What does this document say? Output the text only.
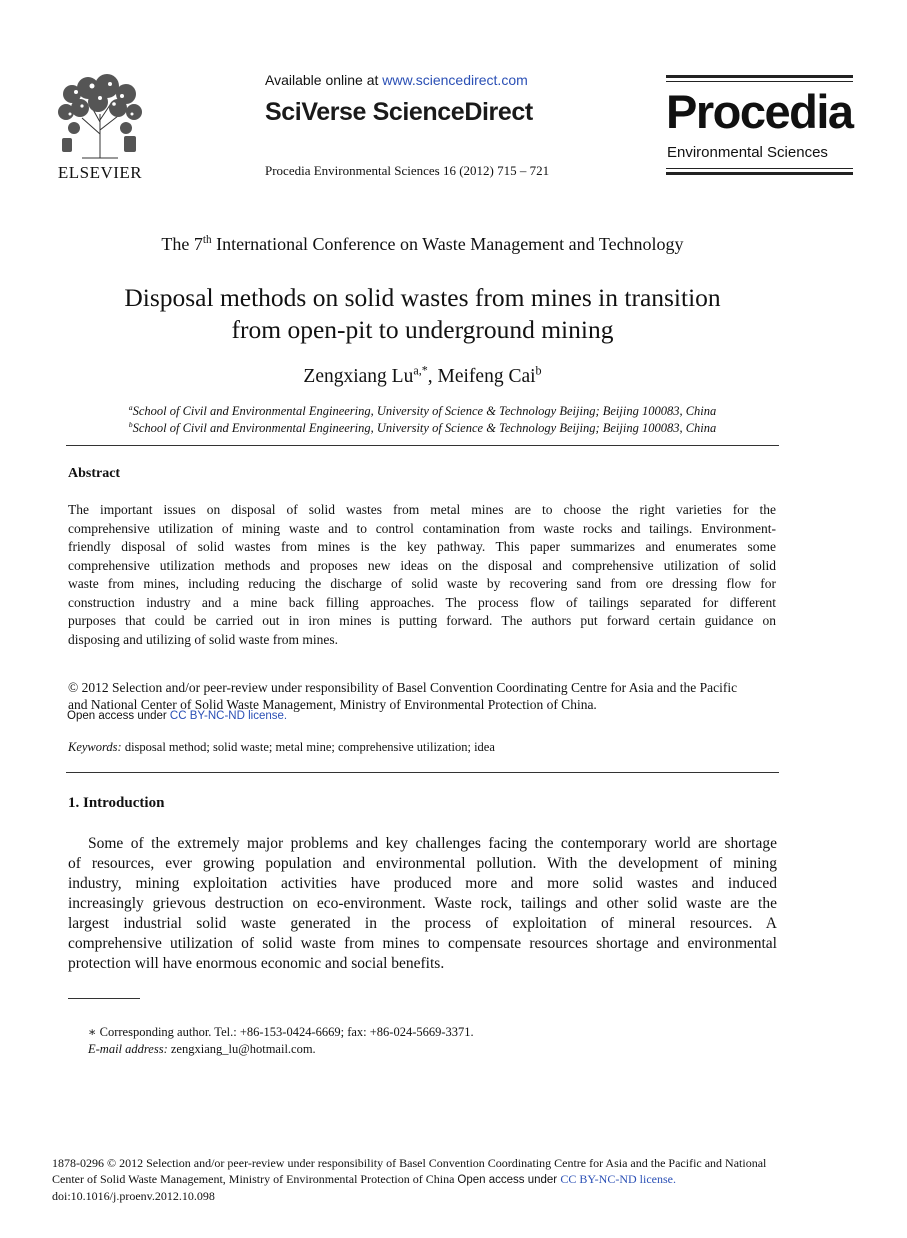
ELSEVIER
Available online at www.sciencedirect.com
SciVerse ScienceDirect
Procedia Environmental Sciences 16 (2012) 715 – 721
Procedia
Environmental Sciences
The 7th International Conference on Waste Management and Technology
Disposal methods on solid wastes from mines in transition
from open-pit to underground mining
Zengxiang $Lu^{a,*}$, Meifeng Cai$^b$
$^a$School of Civil and Environmental Engineering, University of Science & Technology Beijing; Beijing 100083, China
$^b$School of Civil and Environmental Engineering, University of Science & Technology Beijing; Beijing 100083, China
Abstract
The important issues on disposal of solid wastes from metal mines are to choose the right varieties for the
comprehensive utilization of mining waste and to control contamination from waste rocks and tailings. Environment-
friendly disposal of solid wastes from mines is the key pathway. This paper summarizes and enumerates some
comprehensive utilization methods and proposes new ideas on the disposal and comprehensive utilization of solid
waste from mines, including reducing the discharge of solid waste by recovering sand from ore dressing flow for
construction industry and a mine back filling approaches. The process flow of tailings separated for different
purposes that could be carried out in iron mines is putting forward. The authors put forward certain guidance on
disposing and utilizing of solid waste from mines.
© 2012 Selection and/or peer-review under responsibility of Basel Convention Coordinating Centre for Asia and the Pacific
and National Center of Solid Waste Management, Ministry of Environmental Protection of China.
Open access under CC BY-NC-ND license.
Keywords: disposal method; solid waste; metal mine; comprehensive utilization; idea
1. Introduction
Some of the extremely major problems and key challenges facing the contemporary world are shortage
of resources, ever growing population and environmental pollution. With the development of mining
industry, mining exploitation activities have produced more and more solid wastes and induced
increasingly grievous destruction on eco-environment. Waste rock, tailings and other solid waste are the
largest industrial solid waste generated in the process of exploitation of mineral resources. A
comprehensive utilization of solid waste from mines to compensate resources shortage and environmental
protection will have enormous economic and social benefits.
∗ Corresponding author. Tel.: +86-153-0424-6669; fax: +86-024-5669-3371.
E-mail address: zengxiang_lu@hotmail.com.
1878-0296 © 2012 Selection and/or peer-review under responsibility of Basel Convention Coordinating Centre for Asia and the Pacific and National
Center of Solid Waste Management, Ministry of Environmental Protection of China Open access under CC BY-NC-ND license.
doi:10.1016/j.proenv.2012.10.098
